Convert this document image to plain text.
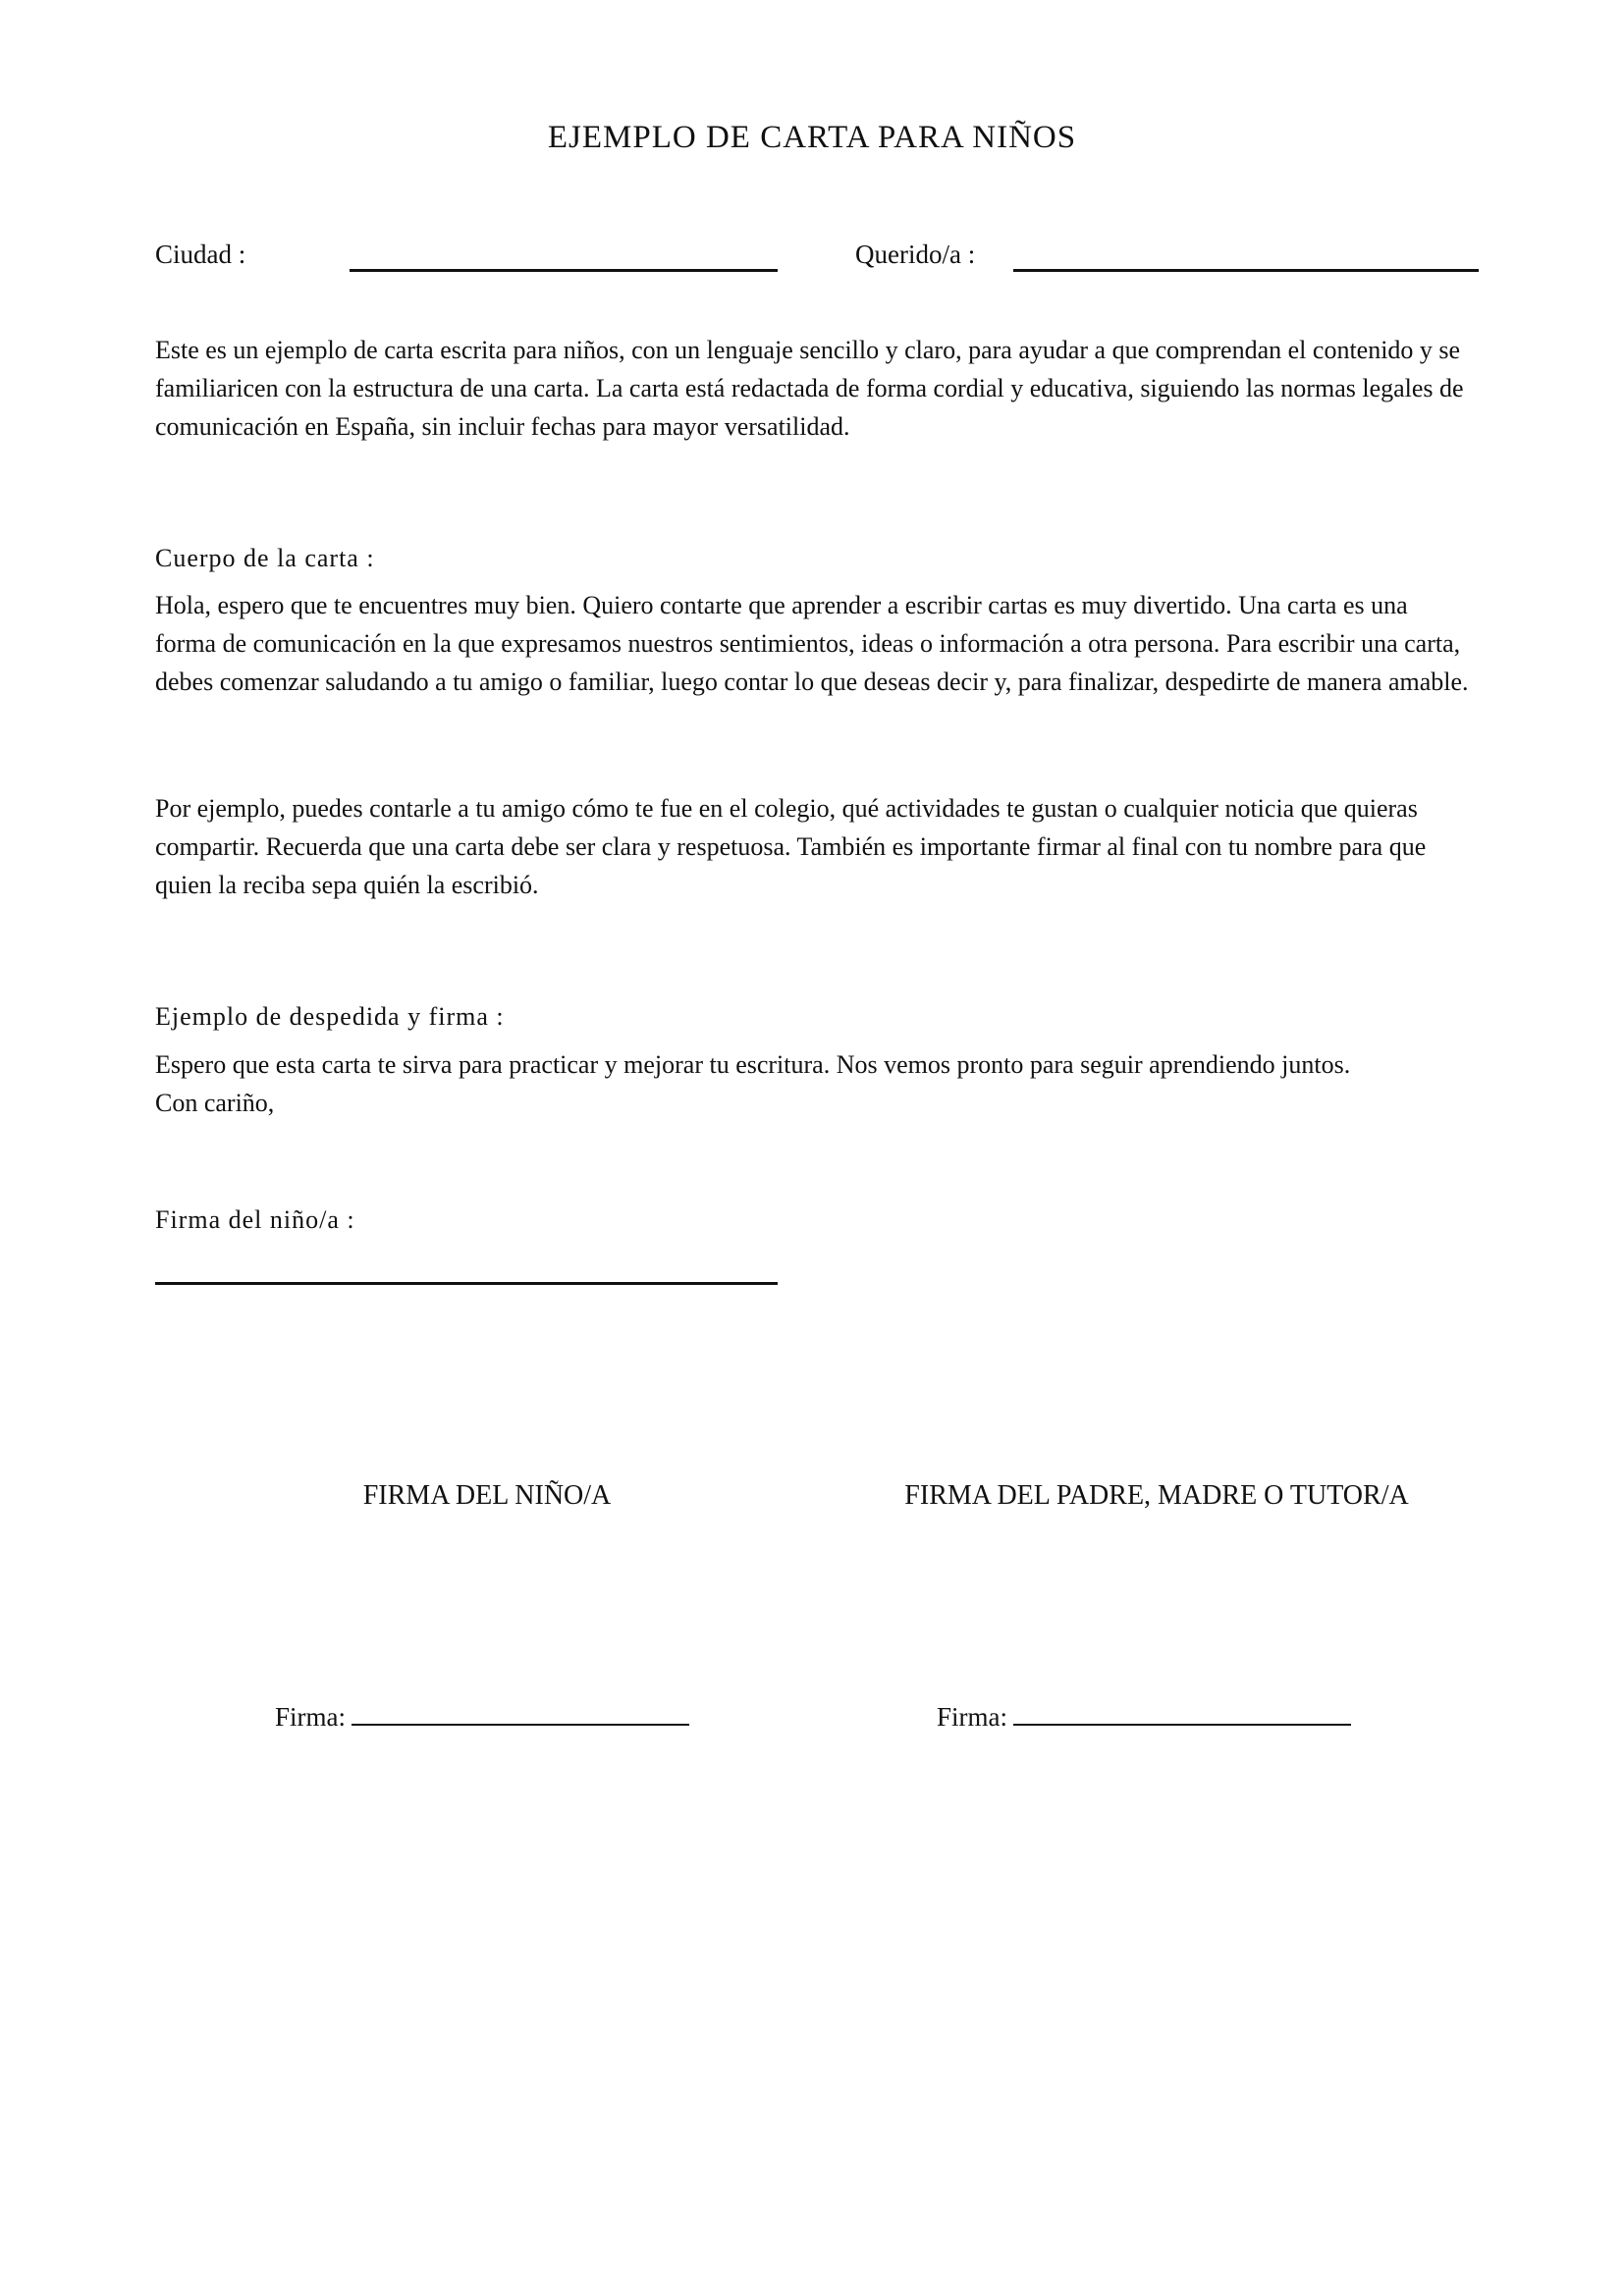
EJEMPLO DE CARTA PARA NIÑOS
Ciudad :	Querido/a :

Este es un ejemplo de carta escrita para niños, con un lenguaje sencillo y claro, para ayudar a que comprendan el contenido y se familiaricen con la estructura de una carta. La carta está redactada de forma cordial y educativa, siguiendo las normas legales de comunicación en España, sin incluir fechas para mayor versatilidad.

Cuerpo de la carta :

Hola, espero que te encuentres muy bien. Quiero contarte que aprender a escribir cartas es muy divertido. Una carta es una forma de comunicación en la que expresamos nuestros sentimientos, ideas o información a otra persona. Para escribir una carta, debes comenzar saludando a tu amigo o familiar, luego contar lo que deseas decir y, para finalizar, despedirte de manera amable.

Por ejemplo, puedes contarle a tu amigo cómo te fue en el colegio, qué actividades te gustan o cualquier noticia que quieras compartir. Recuerda que una carta debe ser clara y respetuosa. También es importante firmar al final con tu nombre para que quien la reciba sepa quién la escribió.

Ejemplo de despedida y firma :

Espero que esta carta te sirva para practicar y mejorar tu escritura. Nos vemos pronto para seguir aprendiendo juntos.

Con cariño,

Firma del niño/a :
FIRMA DEL NIÑO/A	FIRMA DEL PADRE, MADRE O TUTOR/A
Firma:	Firma:
